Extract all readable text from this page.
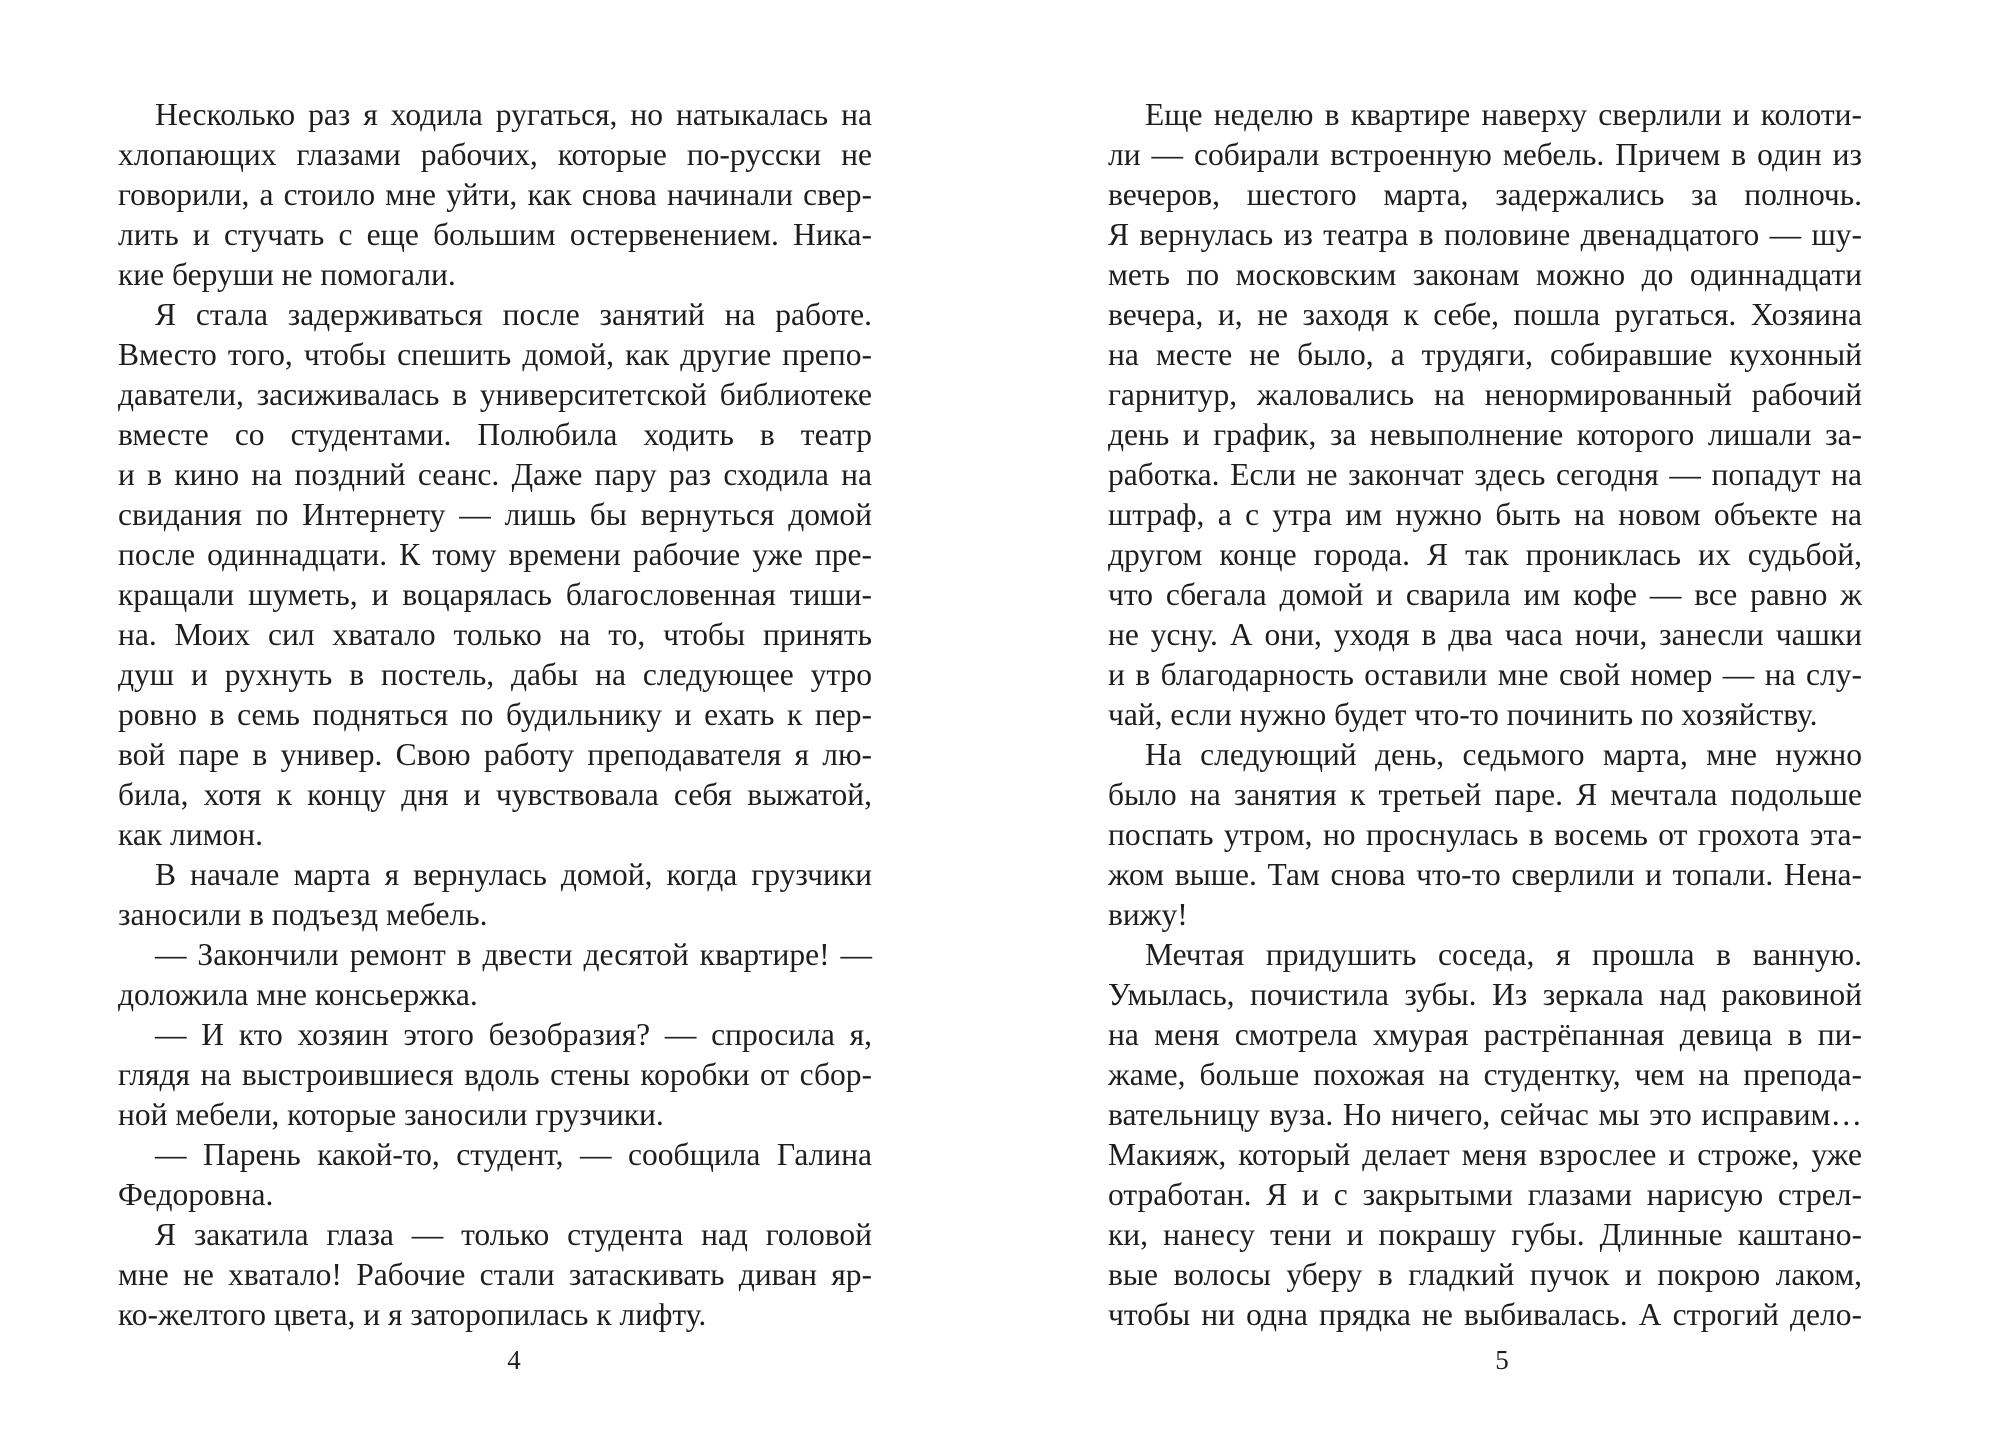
Несколько раз я ходила ругаться, но натыкалась на
хлопающих глазами рабочих, которые по-русски не
говорили, а стоило мне уйти, как снова начинали свер-
лить и стучать с еще большим остервенением. Ника-
кие беруши не помогали.
Я стала задерживаться после занятий на работе.
Вместо того, чтобы спешить домой, как другие препо-
даватели, засиживалась в университетской библиотеке
вместе со студентами. Полюбила ходить в театр
и в кино на поздний сеанс. Даже пару раз сходила на
свидания по Интернету — лишь бы вернуться домой
после одиннадцати. К тому времени рабочие уже пре-
кращали шуметь, и воцарялась благословенная тиши-
на. Моих сил хватало только на то, чтобы принять
душ и рухнуть в постель, дабы на следующее утро
ровно в семь подняться по будильнику и ехать к пер-
вой паре в универ. Свою работу преподавателя я лю-
била, хотя к концу дня и чувствовала себя выжатой,
как лимон.
В начале марта я вернулась домой, когда грузчики
заносили в подъезд мебель.
— Закончили ремонт в двести десятой квартире! —
доложила мне консьержка.
— И кто хозяин этого безобразия? — спросила я,
глядя на выстроившиеся вдоль стены коробки от сбор-
ной мебели, которые заносили грузчики.
— Парень какой-то, студент, — сообщила Галина
Федоровна.
Я закатила глаза — только студента над головой
мне не хватало! Рабочие стали затаскивать диван яр-
ко-желтого цвета, и я заторопилась к лифту.
Еще неделю в квартире наверху сверлили и колоти-
ли — собирали встроенную мебель. Причем в один из
вечеров, шестого марта, задержались за полночь.
Я вернулась из театра в половине двенадцатого — шу-
меть по московским законам можно до одиннадцати
вечера, и, не заходя к себе, пошла ругаться. Хозяина
на месте не было, а трудяги, собиравшие кухонный
гарнитур, жаловались на ненормированный рабочий
день и график, за невыполнение которого лишали за-
работка. Если не закончат здесь сегодня — попадут на
штраф, а с утра им нужно быть на новом объекте на
другом конце города. Я так прониклась их судьбой,
что сбегала домой и сварила им кофе — все равно ж
не усну. А они, уходя в два часа ночи, занесли чашки
и в благодарность оставили мне свой номер — на слу-
чай, если нужно будет что-то починить по хозяйству.
На следующий день, седьмого марта, мне нужно
было на занятия к третьей паре. Я мечтала подольше
поспать утром, но проснулась в восемь от грохота эта-
жом выше. Там снова что-то сверлили и топали. Нена-
вижу!
Мечтая придушить соседа, я прошла в ванную.
Умылась, почистила зубы. Из зеркала над раковиной
на меня смотрела хмурая растрёпанная девица в пи-
жаме, больше похожая на студентку, чем на препода-
вательницу вуза. Но ничего, сейчас мы это исправим…
Макияж, который делает меня взрослее и строже, уже
отработан. Я и с закрытыми глазами нарисую стрел-
ки, нанесу тени и покрашу губы. Длинные каштано-
вые волосы уберу в гладкий пучок и покрою лаком,
чтобы ни одна прядка не выбивалась. А строгий дело-
4	5
